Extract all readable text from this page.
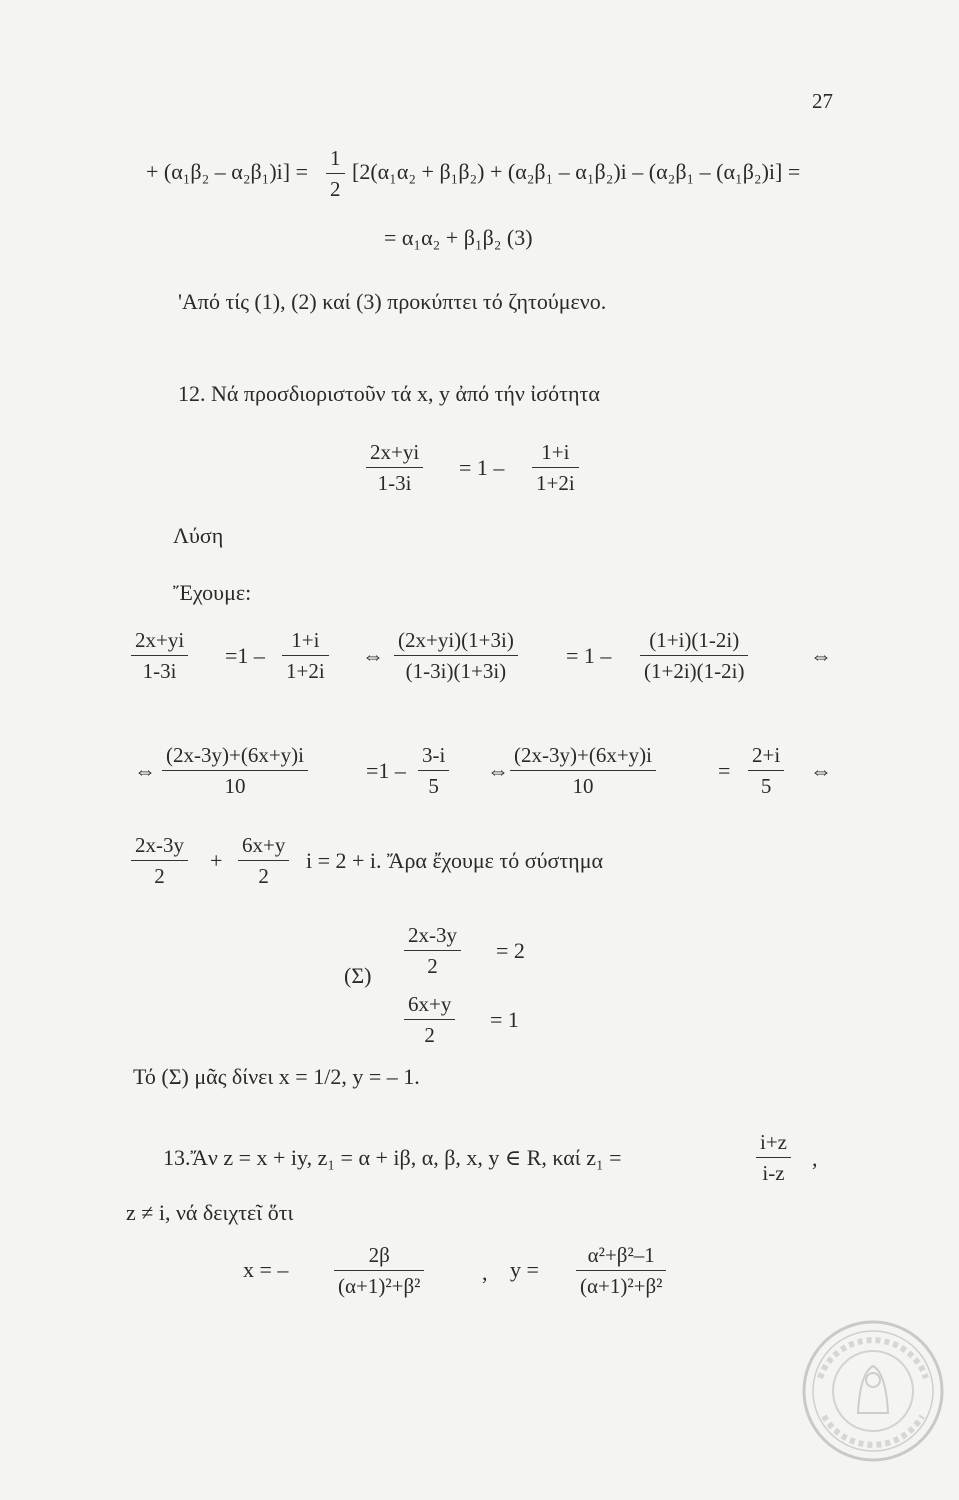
27
+ (α₁β₂ – α₂β₁)i] =
1
2
[2(α₁α₂ + β₁β₂) + (α₂β₁ – α₁β₂)i – (α₂β₁ – (α₁β₂)i] =
= α₁α₂ + β₁β₂ (3)
'Από τίς (1), (2) καί (3) προκύπτει τό ζητούμενο.
12. Νά προσδιοριστοῦν τά x, y ἀπό τήν ἰσότητα
2x+yi
1-3i
= 1 –
1+i
1+2i
Λύση
Ἔχουμε:
2x+yi
1-3i
=1 –
1+i
1+2i
⇔
(2x+yi)(1+3i)
(1-3i)(1+3i)
= 1 –
(1+i)(1-2i)
(1+2i)(1-2i)
⇔
⇔
(2x-3y)+(6x+y)i
10
=1 –
3-i
5
⇔
(2x-3y)+(6x+y)i
10
=
2+i
5
⇔
2x-3y
2
+
6x+y
2
i = 2 + i. Ἄρα ἔχουμε τό σύστημα
(Σ)
2x-3y
2
= 2
6x+y
2
= 1
Τό (Σ) μᾶς δίνει x = 1/2, y = – 1.
13.Ἄν z = x + iy, z₁ = α + iβ, α, β, x, y ∈ R, καί z₁ =
i+z
i-z
,
z ≠ i, νά δειχτεῖ ὅτι
x = –
2β
(α+1)²+β²
, y =
α²+β²–1
(α+1)²+β²
